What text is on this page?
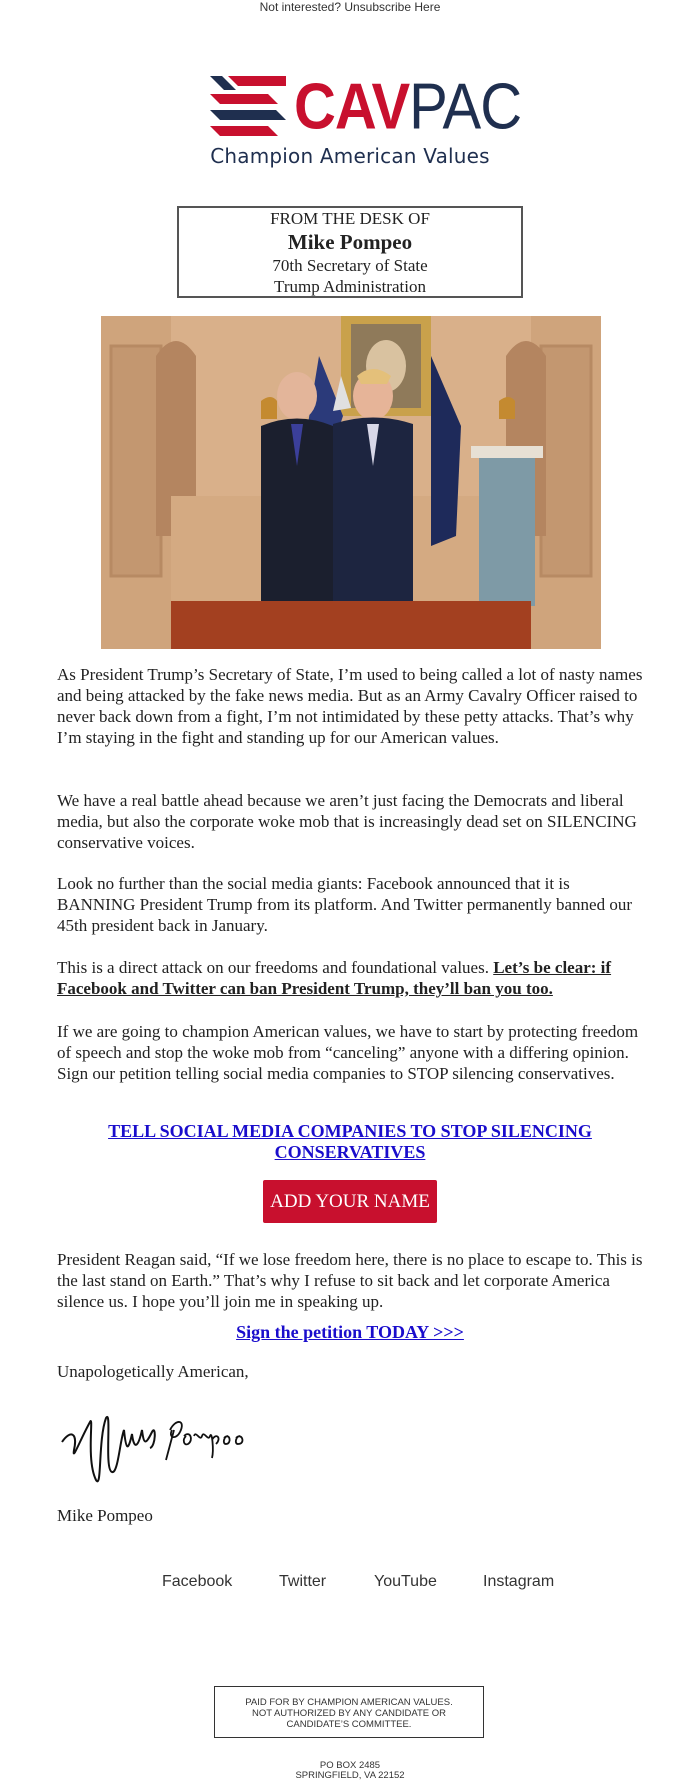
Not interested? Unsubscribe Here
CAVPAC
Champion American Values
FROM THE DESK OF
Mike Pompeo
70th Secretary of State
Trump Administration

As President Trump’s Secretary of State, I’m used to being called a lot of nasty names and being attacked by the fake news media. But as an Army Cavalry Officer raised to never back down from a fight, I’m not intimidated by these petty attacks. That’s why I’m staying in the fight and standing up for our American values.

We have a real battle ahead because we aren’t just facing the Democrats and liberal media, but also the corporate woke mob that is increasingly dead set on SILENCING conservative voices.

Look no further than the social media giants: Facebook announced that it is BANNING President Trump from its platform. And Twitter permanently banned our 45th president back in January.

This is a direct attack on our freedoms and foundational values. Let’s be clear: if Facebook and Twitter can ban President Trump, they’ll ban you too.

If we are going to champion American values, we have to start by protecting freedom of speech and stop the woke mob from “canceling” anyone with a differing opinion. Sign our petition telling social media companies to STOP silencing conservatives.

TELL SOCIAL MEDIA COMPANIES TO STOP SILENCING CONSERVATIVES
ADD YOUR NAME

President Reagan said, “If we lose freedom here, there is no place to escape to. This is the last stand on Earth.” That’s why I refuse to sit back and let corporate America silence us. I hope you’ll join me in speaking up.

Sign the petition TODAY >>>
Unapologetically American,
Mike Pompeo
Facebook	Twitter	YouTube	Instagram
PAID FOR BY CHAMPION AMERICAN VALUES.
NOT AUTHORIZED BY ANY CANDIDATE OR
CANDIDATE’S COMMITTEE.
PO BOX 2485
SPRINGFIELD, VA 22152
